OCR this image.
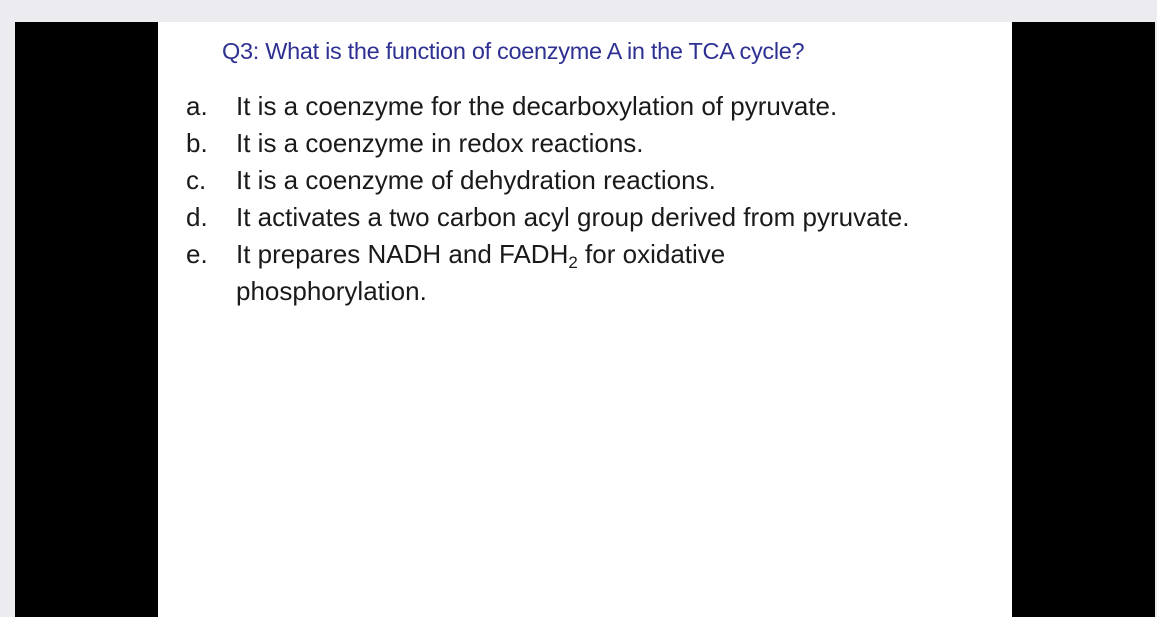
Q3: What is the function of coenzyme A in the TCA cycle?
a. It is a coenzyme for the decarboxylation of pyruvate.
b. It is a coenzyme in redox reactions.
c. It is a coenzyme of dehydration reactions.
d. It activates a two carbon acyl group derived from pyruvate.
e. It prepares NADH and $FADH_2$ for oxidative phosphorylation.
